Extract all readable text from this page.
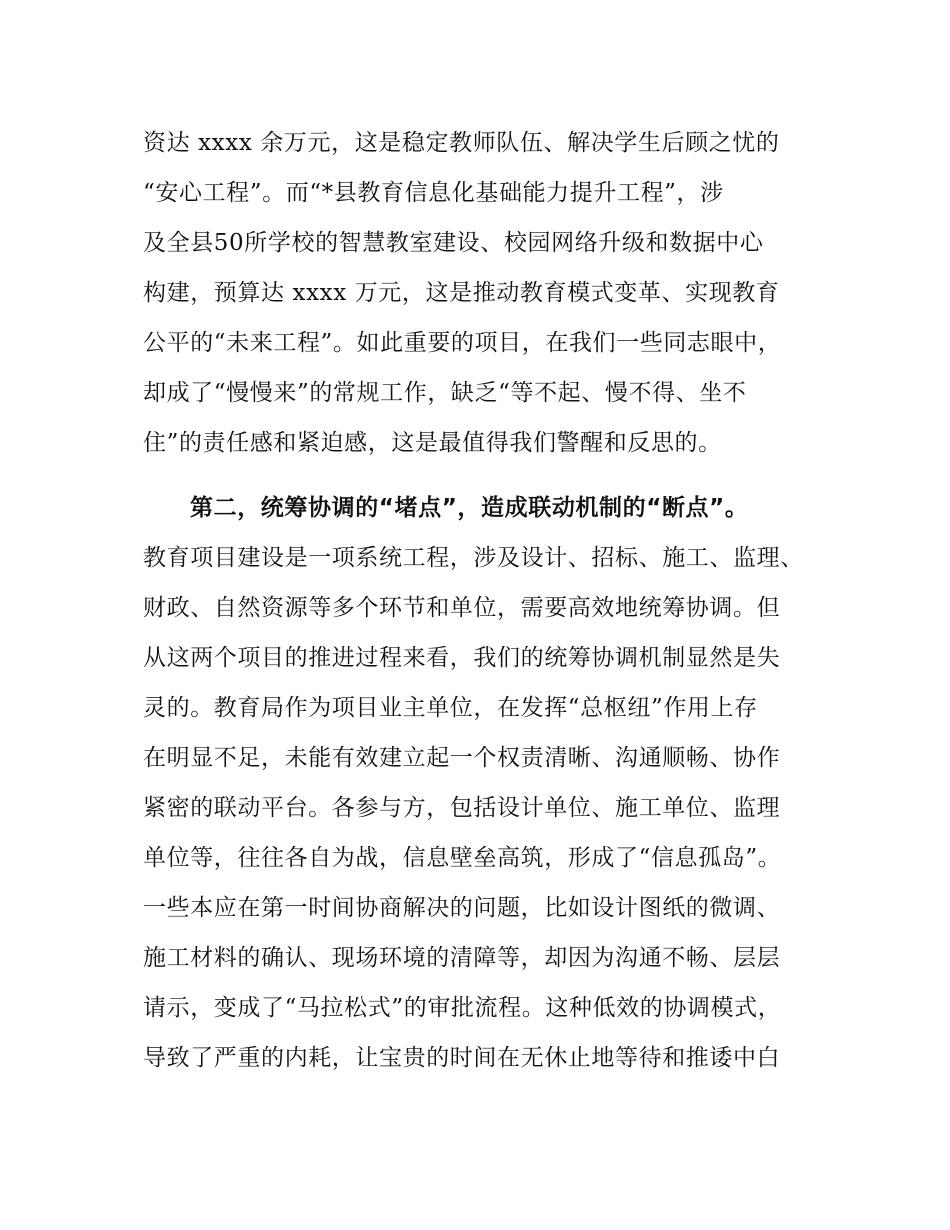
资达 xxxx 余万元，这是稳定教师队伍、解决学生后顾之忧的
“安心工程”。而“*县教育信息化基础能力提升工程”，涉
及全县50所学校的智慧教室建设、校园网络升级和数据中心
构建，预算达 xxxx 万元，这是推动教育模式变革、实现教育
公平的“未来工程”。如此重要的项目，在我们一些同志眼中，
却成了“慢慢来”的常规工作，缺乏“等不起、慢不得、坐不
住”的责任感和紧迫感，这是最值得我们警醒和反思的。
第二，统筹协调的“堵点”，造成联动机制的“断点”。
教育项目建设是一项系统工程，涉及设计、招标、施工、监理、
财政、自然资源等多个环节和单位，需要高效地统筹协调。但
从这两个项目的推进过程来看，我们的统筹协调机制显然是失
灵的。教育局作为项目业主单位，在发挥“总枢纽”作用上存
在明显不足，未能有效建立起一个权责清晰、沟通顺畅、协作
紧密的联动平台。各参与方，包括设计单位、施工单位、监理
单位等，往往各自为战，信息壁垒高筑，形成了“信息孤岛”。
一些本应在第一时间协商解决的问题，比如设计图纸的微调、
施工材料的确认、现场环境的清障等，却因为沟通不畅、层层
请示，变成了“马拉松式”的审批流程。这种低效的协调模式，
导致了严重的内耗，让宝贵的时间在无休止地等待和推诿中白
